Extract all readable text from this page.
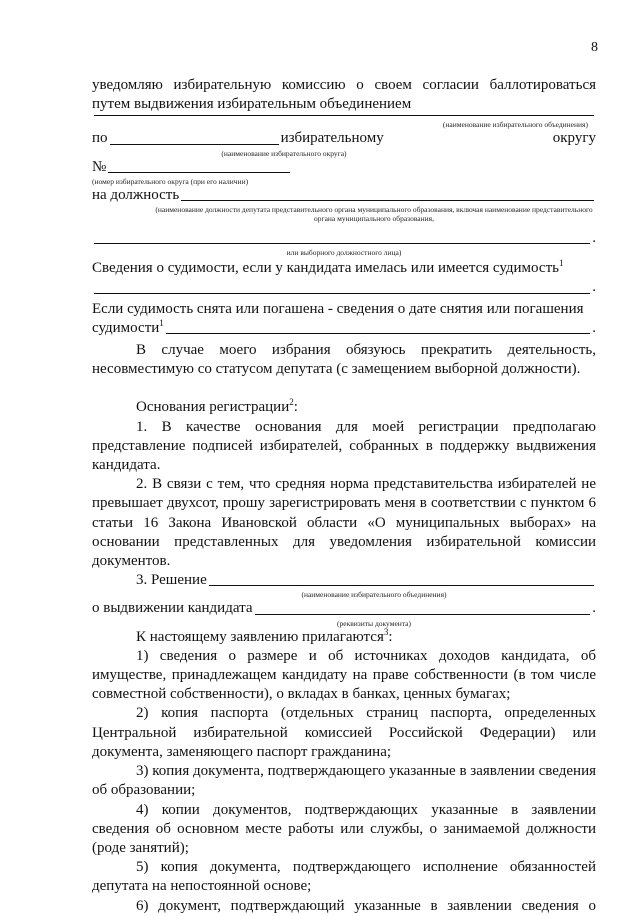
8

уведомляю избирательную комиссию о своем согласии баллотироваться путем выдвижения избирательным объединением

(наименование избирательного объединения)
по	избирательному	округу
(наименование избирательного округа)
№
(номер избирательного округа (при его наличии)
на должность
(наименование должности депутата представительного органа муниципального образования, включая наименование представительного органа муниципального образования,
.
или выборного должностного лица)
Сведения о судимости, если у кандидата имелась или имеется судимость$^1$
.

Если судимость снята или погашена - сведения о дате снятия или погашения

судимости$^1$	.

В случае моего избрания обязуюсь прекратить деятельность, несовместимую со статусом депутата (с замещением выборной должности).

Основания регистрации$^2$:

1. В качестве основания для моей регистрации предполагаю представление подписей избирателей, собранных в поддержку выдвижения кандидата.

2. В связи с тем, что средняя норма представительства избирателей не превышает двухсот, прошу зарегистрировать меня в соответствии с пунктом 6 статьи 16 Закона Ивановской области «О муниципальных выборах» на основании представленных для уведомления избирательной комиссии документов.

3. Решение
(наименование избирательного объединения)
о выдвижении кандидата	.
(реквизиты документа)

К настоящему заявлению прилагаются$^3$:

1) сведения о размере и об источниках доходов кандидата, об имуществе, принадлежащем кандидату на праве собственности (в том числе совместной собственности), о вкладах в банках, ценных бумагах;

2) копия паспорта (отдельных страниц паспорта, определенных Центральной избирательной комиссией Российской Федерации) или документа, заменяющего паспорт гражданина;

3) копия документа, подтверждающего указанные в заявлении сведения об образовании;

4) копии документов, подтверждающих указанные в заявлении сведения об основном месте работы или службы, о занимаемой должности (роде занятий);

5) копия документа, подтверждающего исполнение обязанностей депутата на непостоянной основе;

6) документ, подтверждающий указанные в заявлении сведения о
